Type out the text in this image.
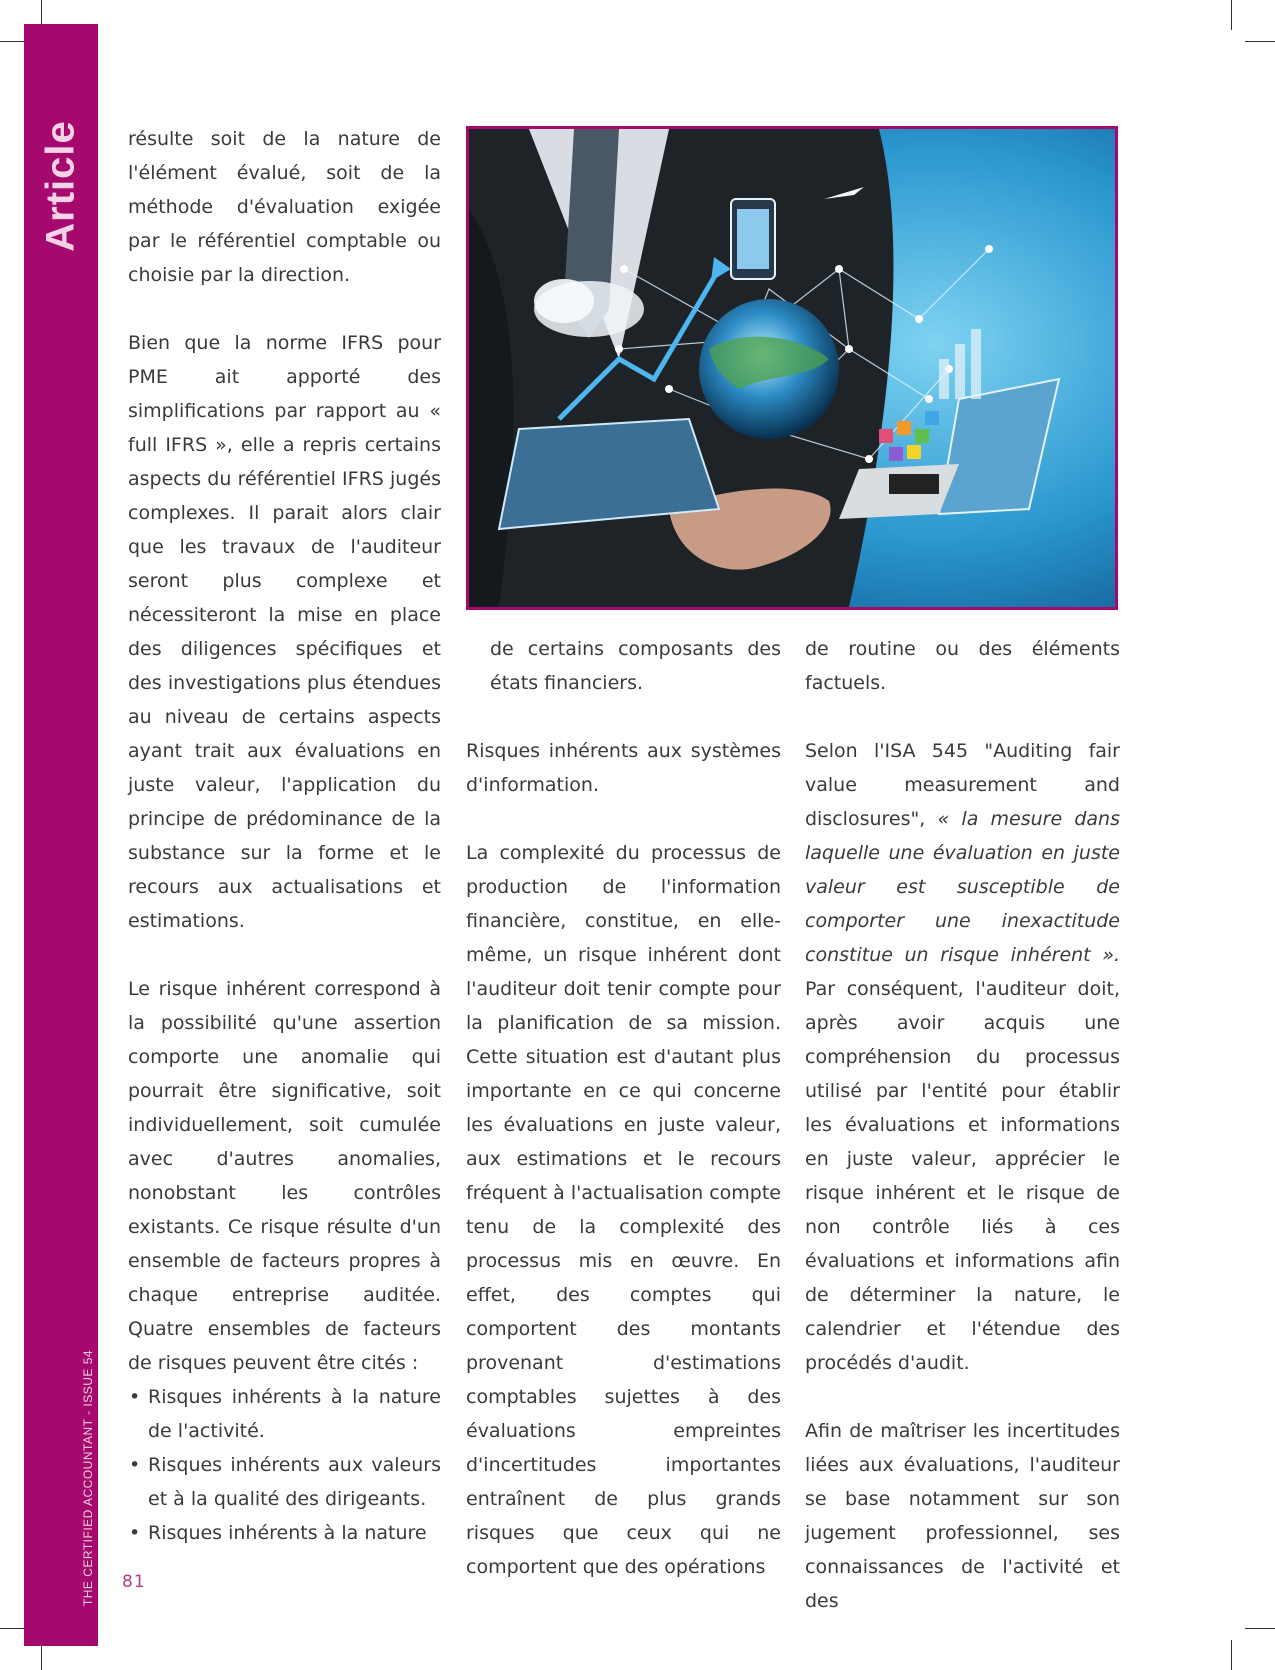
Article
THE CERTIFIED ACCOUNTANT - ISSUE 54 81

résulte soit de la nature de l'élément évalué, soit de la méthode d'évaluation exigée par le référentiel comptable ou choisie par la direction.

Bien que la norme IFRS pour PME ait apporté des simplifications par rapport au « full IFRS », elle a repris certains aspects du référentiel IFRS jugés complexes. Il parait alors clair que les travaux de l'auditeur seront plus complexe et nécessiteront la mise en place des diligences spécifiques et des investigations plus étendues au niveau de certains aspects ayant trait aux évaluations en juste valeur, l'application du principe de prédominance de la substance sur la forme et le recours aux actualisations et estimations.

Le risque inhérent correspond à la possibilité qu'une assertion comporte une anomalie qui pourrait être significative, soit individuellement, soit cumulée avec d'autres anomalies, nonobstant les contrôles existants. Ce risque résulte d'un ensemble de facteurs propres à chaque entreprise auditée. Quatre ensembles de facteurs de risques peuvent être cités :

• Risques inhérents à la nature de l'activité.
• Risques inhérents aux valeurs et à la qualité des dirigeants.
• Risques inhérents à la nature

de certains composants des états financiers.

Risques inhérents aux systèmes d'information.

La complexité du processus de production de l'information financière, constitue, en elle-même, un risque inhérent dont l'auditeur doit tenir compte pour la planification de sa mission. Cette situation est d'autant plus importante en ce qui concerne les évaluations en juste valeur, aux estimations et le recours fréquent à l'actualisation compte tenu de la complexité des processus mis en œuvre. En effet, des comptes qui comportent des montants provenant d'estimations comptables sujettes à des évaluations empreintes d'incertitudes importantes entraînent de plus grands risques que ceux qui ne comportent que des opérations

de routine ou des éléments factuels.

Selon l'ISA 545 "Auditing fair value measurement and disclosures", « la mesure dans laquelle une évaluation en juste valeur est susceptible de comporter une inexactitude constitue un risque inhérent ». Par conséquent, l'auditeur doit, après avoir acquis une compréhension du processus utilisé par l'entité pour établir les évaluations et informations en juste valeur, apprécier le risque inhérent et le risque de non contrôle liés à ces évaluations et informations afin de déterminer la nature, le calendrier et l'étendue des procédés d'audit.

Afin de maîtriser les incertitudes liées aux évaluations, l'auditeur se base notamment sur son jugement professionnel, ses connaissances de l'activité et des
